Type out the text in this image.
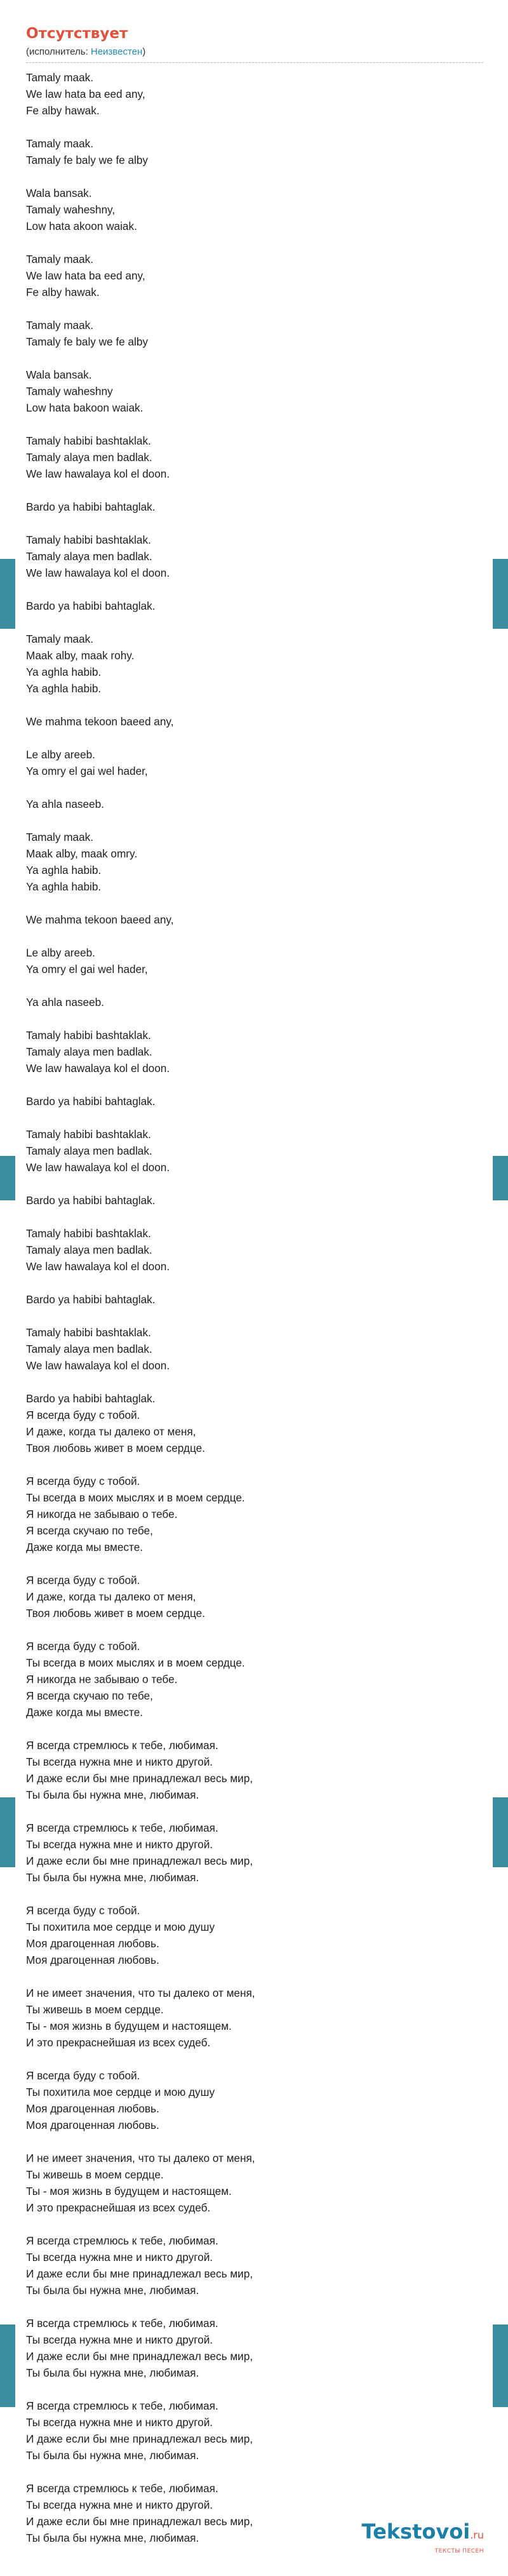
Отсутствует
(исполнитель: Неизвестен)
Tamaly maak.
We law hata ba eed any,
Fe alby hawak.
Tamaly maak.
Tamaly fe baly we fe alby
Wala bansak.
Tamaly waheshny,
Low hata akoon waiak.
Tamaly maak.
We law hata ba eed any,
Fe alby hawak.
Tamaly maak.
Tamaly fe baly we fe alby
Wala bansak.
Tamaly waheshny
Low hata bakoon waiak.
Tamaly habibi bashtaklak.
Tamaly alaya men badlak.
We law hawalaya kol el doon.
Bardo ya habibi bahtaglak.
Tamaly habibi bashtaklak.
Tamaly alaya men badlak.
We law hawalaya kol el doon.
Bardo ya habibi bahtaglak.
Tamaly maak.
Maak alby, maak rohy.
Ya aghla habib.
Ya aghla habib.
We mahma tekoon baeed any,
Le alby areeb.
Ya omry el gai wel hader,
Ya ahla naseeb.
Tamaly maak.
Maak alby, maak omry.
Ya aghla habib.
Ya aghla habib.
We mahma tekoon baeed any,
Le alby areeb.
Ya omry el gai wel hader,
Ya ahla naseeb.
Tamaly habibi bashtaklak.
Tamaly alaya men badlak.
We law hawalaya kol el doon.
Bardo ya habibi bahtaglak.
Tamaly habibi bashtaklak.
Tamaly alaya men badlak.
We law hawalaya kol el doon.
Bardo ya habibi bahtaglak.
Tamaly habibi bashtaklak.
Tamaly alaya men badlak.
We law hawalaya kol el doon.
Bardo ya habibi bahtaglak.
Tamaly habibi bashtaklak.
Tamaly alaya men badlak.
We law hawalaya kol el doon.
Bardo ya habibi bahtaglak.
Я всегда буду с тобой.
И даже, когда ты далеко от меня,
Твоя любовь живет в моем сердце.
Я всегда буду с тобой.
Ты всегда в моих мыслях и в моем сердце.
Я никогда не забываю о тебе.
Я всегда скучаю по тебе,
Даже когда мы вместе.
Я всегда буду с тобой.
И даже, когда ты далеко от меня,
Твоя любовь живет в моем сердце.
Я всегда буду с тобой.
Ты всегда в моих мыслях и в моем сердце.
Я никогда не забываю о тебе.
Я всегда скучаю по тебе,
Даже когда мы вместе.
Я всегда стремлюсь к тебе, любимая.
Ты всегда нужна мне и никто другой.
И даже если бы мне принадлежал весь мир,
Ты была бы нужна мне, любимая.
Я всегда стремлюсь к тебе, любимая.
Ты всегда нужна мне и никто другой.
И даже если бы мне принадлежал весь мир,
Ты была бы нужна мне, любимая.
Я всегда буду с тобой.
Ты похитила мое сердце и мою душу
Моя драгоценная любовь.
Моя драгоценная любовь.
И не имеет значения, что ты далеко от меня,
Ты живешь в моем сердце.
Ты - моя жизнь в будущем и настоящем.
И это прекраснейшая из всех судеб.
Я всегда буду с тобой.
Ты похитила мое сердце и мою душу
Моя драгоценная любовь.
Моя драгоценная любовь.
И не имеет значения, что ты далеко от меня,
Ты живешь в моем сердце.
Ты - моя жизнь в будущем и настоящем.
И это прекраснейшая из всех судеб.
Я всегда стремлюсь к тебе, любимая.
Ты всегда нужна мне и никто другой.
И даже если бы мне принадлежал весь мир,
Ты была бы нужна мне, любимая.
Я всегда стремлюсь к тебе, любимая.
Ты всегда нужна мне и никто другой.
И даже если бы мне принадлежал весь мир,
Ты была бы нужна мне, любимая.
Я всегда стремлюсь к тебе, любимая.
Ты всегда нужна мне и никто другой.
И даже если бы мне принадлежал весь мир,
Ты была бы нужна мне, любимая.
Я всегда стремлюсь к тебе, любимая.
Ты всегда нужна мне и никто другой.
И даже если бы мне принадлежал весь мир,
Ты была бы нужна мне, любимая.	Tekstovoi.ru
ТЕКСТЫ ПЕСЕН
